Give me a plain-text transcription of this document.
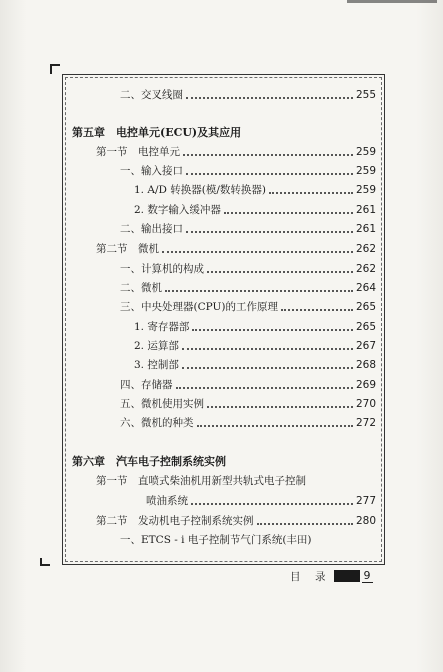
二、交叉线圈	255
第五章　电控单元(ECU)及其应用
第一节　电控单元	259
一、输入接口	259
1. A/D 转换器(模/数转换器)	259
2. 数字输入缓冲器	261
二、输出接口	261
第二节　微机	262
一、计算机的构成	262
二、微机	264
三、中央处理器(CPU)的工作原理	265
1. 寄存器部	265
2. 运算部	267
3. 控制部	268
四、存储器	269
五、微机使用实例	270
六、微机的种类	272
第六章　汽车电子控制系统实例
第一节　直喷式柴油机用新型共轨式电子控制
喷油系统	277
第二节　发动机电子控制系统实例	280
一、ETCS - i 电子控制节气门系统(丰田)
目　录	9
